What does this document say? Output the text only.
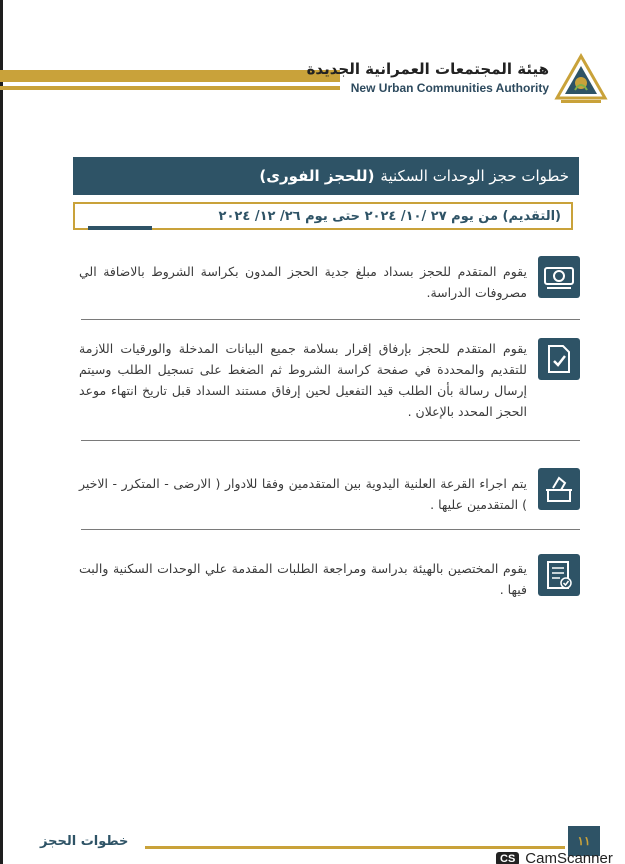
هيئة المجتمعات العمرانية الجديدة
New Urban Communities Authority
خطوات حجز الوحدات السكنية
(للحجز الفورى)
(التقديم) من يوم ٢٧ /١٠/ ٢٠٢٤ حتى يوم ٢٦/ ١٢/ ٢٠٢٤
يقوم المتقدم للحجز بسداد مبلغ جدية الحجز المدون بكراسة الشروط بالاضافة الي مصروفات الدراسة.
يقوم المتقدم للحجز بإرفاق إقرار بسلامة جميع البيانات المدخلة والورقيات اللازمة للتقديم والمحددة في صفحة كراسة الشروط ثم الضغط على تسجيل الطلب وسيتم إرسال رسالة بأن الطلب قيد التفعيل لحين إرفاق مستند السداد قبل تاريخ انتهاء موعد الحجز المحدد بالإعلان .
يتم اجراء القرعة العلنية اليدوية بين المتقدمين وفقا للادوار ( الارضى - المتكرر - الاخير ) المتقدمين عليها .
يقوم المختصين بالهيئة بدراسة ومراجعة الطلبات المقدمة علي الوحدات السكنية والبت فيها .
خطوات الحجز	١١
CS CamScanner
